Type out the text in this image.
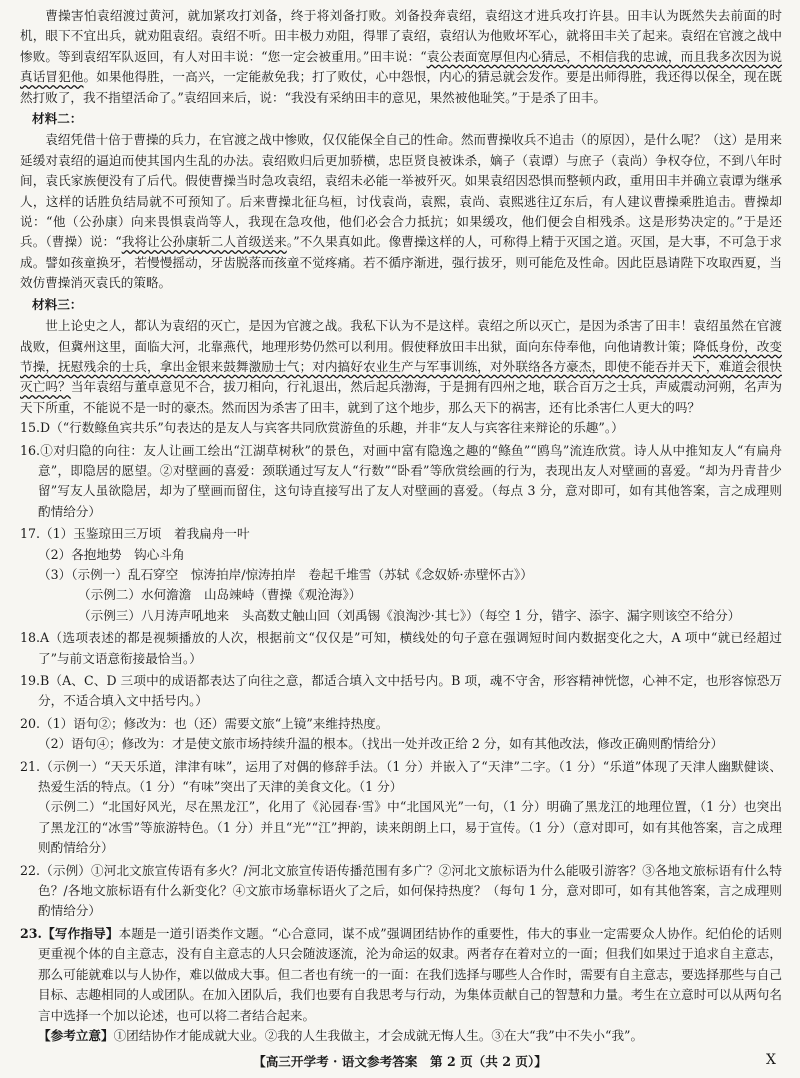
曹操害怕袁绍渡过黄河，就加紧攻打刘备，终于将刘备打败。刘备投奔袁绍，袁绍这才进兵攻打许县。田丰认为既然失去前面的时机，眼下不宜出兵，就劝阻袁绍。袁绍不听。田丰极力劝阻，得罪了袁绍，袁绍认为他败坏军心，就将田丰关了起来。袁绍在官渡之战中惨败。等到袁绍军队返回，有人对田丰说：“您一定会被重用。”田丰说：“袁公表面宽厚但内心猜忌，不相信我的忠诚，而且我多次因为说真话冒犯他。如果他得胜，一高兴，一定能赦免我；打了败仗，心中怨恨，内心的猜忌就会发作。要是出师得胜，我还得以保全，现在既然打败了，我不指望活命了。”袁绍回来后，说：“我没有采纳田丰的意见，果然被他耻笑。”于是杀了田丰。

材料二：

袁绍凭借十倍于曹操的兵力，在官渡之战中惨败，仅仅能保全自己的性命。然而曹操收兵不追击（的原因），是什么呢？（这）是用来延缓对袁绍的逼迫而使其国内生乱的办法。袁绍败归后更加骄横，忠臣贤良被诛杀，嫡子（袁谭）与庶子（袁尚）争权夺位，不到八年时间，袁氏家族便没有了后代。假使曹操当时急攻袁绍，袁绍未必能一举被歼灭。如果袁绍因恐惧而整顿内政，重用田丰并确立袁谭为继承人，这样的话胜负结局就不可预知了。后来曹操北征乌桓，讨伐袁尚，袁熙，袁尚、袁熙逃往辽东后，有人建议曹操乘胜追击。曹操却说：“他（公孙康）向来畏惧袁尚等人，我现在急攻他，他们必会合力抵抗；如果缓攻，他们便会自相残杀。这是形势决定的。”于是还兵。（曹操）说：“我将让公孙康斩二人首级送来。”不久果真如此。像曹操这样的人，可称得上精于灭国之道。灭国，是大事，不可急于求成。譬如孩童换牙，若慢慢摇动，牙齿脱落而孩童不觉疼痛。若不循序渐进，强行拔牙，则可能危及性命。因此臣恳请陛下攻取西夏，当效仿曹操消灭袁氏的策略。

材料三：

世上论史之人，都认为袁绍的灭亡，是因为官渡之战。我私下认为不是这样。袁绍之所以灭亡，是因为杀害了田丰！袁绍虽然在官渡战败，但冀州这里，面临大河，北靠燕代，地理形势仍然可以利用。假使释放田丰出狱，面向东侍奉他，向他请教计策；降低身份，改变节操，抚慰残余的士兵，拿出金银来鼓舞激励士气；对内搞好农业生产与军事训练，对外联络各方豪杰，即使不能吞并天下，难道会很快灭亡吗？当年袁绍与董卓意见不合，拔刀相向，行礼退出，然后起兵渤海，于是拥有四州之地，联合百万之士兵，声威震动河朔，名声为天下所重，不能说不是一时的豪杰。然而因为杀害了田丰，就到了这个地步，那么天下的祸害，还有比杀害仁人更大的吗？

15.D（“行数鲦鱼宾共乐”句表达的是友人与宾客共同欣赏游鱼的乐趣，并非“友人与宾客往来辩论的乐趣”。）

16.①对归隐的向往：友人让画工绘出“江湖草树秋”的景色，对画中富有隐逸之趣的“鲦鱼”“鸥鸟”流连欣赏。诗人从中推知友人“有扁舟意”，即隐居的愿望。②对壁画的喜爱：颈联通过写友人“行数”“卧看”等欣赏绘画的行为，表现出友人对壁画的喜爱。“却为丹青昔少留”写友人虽欲隐居，却为了壁画而留住，这句诗直接写出了友人对壁画的喜爱。（每点 3 分，意对即可，如有其他答案，言之成理则酌情给分）

17.（1）玉鉴琼田三万顷　着我扁舟一叶

（2）各抱地势　钩心斗角

（3）（示例一）乱石穿空　惊涛拍岸/惊涛拍岸　卷起千堆雪（苏轼《念奴娇·赤壁怀古》）

（示例二）水何澹澹　山岛竦峙（曹操《观沧海》）

（示例三）八月涛声吼地来　头高数丈触山回（刘禹锡《浪淘沙·其七》）（每空 1 分，错字、添字、漏字则该空不给分）

18.A（选项表述的都是视频播放的人次，根据前文“仅仅是”可知，横线处的句子意在强调短时间内数据变化之大，A 项中“就已经超过了”与前文语意衔接最恰当。）

19.B（A、C、D 三项中的成语都表达了向往之意，都适合填入文中括号内。B 项，魂不守舍，形容精神恍惚，心神不定，也形容惊恐万分，不适合填入文中括号内。）

20.（1）语句②；修改为：也（还）需要文旅“上镜”来维持热度。

（2）语句④；修改为：才是使文旅市场持续升温的根本。（找出一处并改正给 2 分，如有其他改法，修改正确则酌情给分）

21.（示例一）“天天乐道，津津有味”，运用了对偶的修辞手法。（1 分）并嵌入了“天津”二字。（1 分）“乐道”体现了天津人幽默健谈、热爱生活的特点。（1 分）“有味”突出了天津的美食文化。（1 分）

（示例二）“北国好风光，尽在黑龙江”，化用了《沁园春·雪》中“北国风光”一句，（1 分）明确了黑龙江的地理位置，（1 分）也突出了黑龙江的“冰雪”等旅游特色。（1 分）并且“光”“江”押韵，读来朗朗上口，易于宣传。（1 分）（意对即可，如有其他答案，言之成理则酌情给分）

22.（示例）①河北文旅宣传语有多火？/河北文旅宣传语传播范围有多广？②河北文旅标语为什么能吸引游客？③各地文旅标语有什么特色？/各地文旅标语有什么新变化？④文旅市场靠标语火了之后，如何保持热度？（每句 1 分，意对即可，如有其他答案，言之成理则酌情给分）

23.【写作指导】本题是一道引语类作文题。“心合意同，谋不成”强调团结协作的重要性，伟大的事业一定需要众人协作。纪伯伦的话则更重视个体的自主意志，没有自主意志的人只会随波逐流，沦为命运的奴隶。两者存在着对立的一面；但我们如果过于追求自主意志，那么可能就难以与人协作，难以做成大事。但二者也有统一的一面：在我们选择与哪些人合作时，需要有自主意志，要选择那些与自己目标、志趣相同的人或团队。在加入团队后，我们也要有自我思考与行动，为集体贡献自己的智慧和力量。考生在立意时可以从两句名言中选择一个加以论述，也可以将二者结合起来。

【参考立意】①团结协作才能成就大业。②我的人生我做主，才会成就无悔人生。③在大“我”中不失小“我”。

【高三开学考 · 语文参考答案　第 2 页（共 2 页）】	X
